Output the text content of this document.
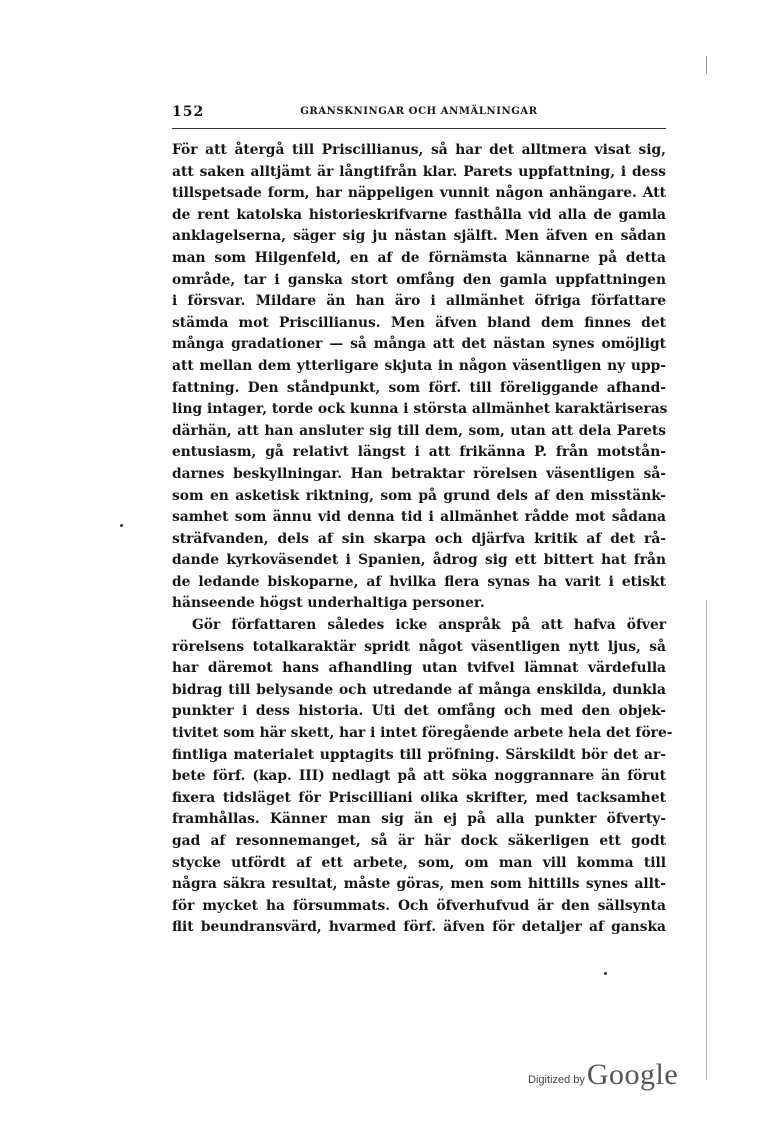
152	GRANSKNINGAR OCH ANMÄLNINGAR
För att återgå till Priscillianus, så har det alltmera visat sig,
att saken alltjämt är långtifrån klar. Parets uppfattning, i dess
tillspetsade form, har näppeligen vunnit någon anhängare. Att
de rent katolska historieskrifvarne fasthålla vid alla de gamla
anklagelserna, säger sig ju nästan själft. Men äfven en sådan
man som Hilgenfeld, en af de förnämsta kännarne på detta
område, tar i ganska stort omfång den gamla uppfattningen
i försvar. Mildare än han äro i allmänhet öfriga författare
stämda mot Priscillianus. Men äfven bland dem finnes det
många gradationer — så många att det nästan synes omöjligt
att mellan dem ytterligare skjuta in någon väsentligen ny upp-
fattning. Den ståndpunkt, som förf. till föreliggande afhand-
ling intager, torde ock kunna i största allmänhet karaktäriseras
därhän, att han ansluter sig till dem, som, utan att dela Parets
entusiasm, gå relativt längst i att frikänna P. från motstån-
darnes beskyllningar. Han betraktar rörelsen väsentligen så-
som en asketisk riktning, som på grund dels af den misstänk-
samhet som ännu vid denna tid i allmänhet rådde mot sådana
sträfvanden, dels af sin skarpa och djärfva kritik af det rå-
dande kyrkoväsendet i Spanien, ådrog sig ett bittert hat från
de ledande biskoparne, af hvilka flera synas ha varit i etiskt
hänseende högst underhaltiga personer.
Gör författaren således icke anspråk på att hafva öfver
rörelsens totalkaraktär spridt något väsentligen nytt ljus, så
har däremot hans afhandling utan tvifvel lämnat värdefulla
bidrag till belysande och utredande af många enskilda, dunkla
punkter i dess historia. Uti det omfång och med den objek-
tivitet som här skett, har i intet föregående arbete hela det före-
fintliga materialet upptagits till pröfning. Särskildt bör det ar-
bete förf. (kap. III) nedlagt på att söka noggrannare än förut
fixera tidsläget för Priscilliani olika skrifter, med tacksamhet
framhållas. Känner man sig än ej på alla punkter öfverty-
gad af resonnemanget, så är här dock säkerligen ett godt
stycke utfördt af ett arbete, som, om man vill komma till
några säkra resultat, måste göras, men som hittills synes allt-
för mycket ha försummats. Och öfverhufvud är den sällsynta
flit beundransvärd, hvarmed förf. äfven för detaljer af ganska
Digitized by Google
